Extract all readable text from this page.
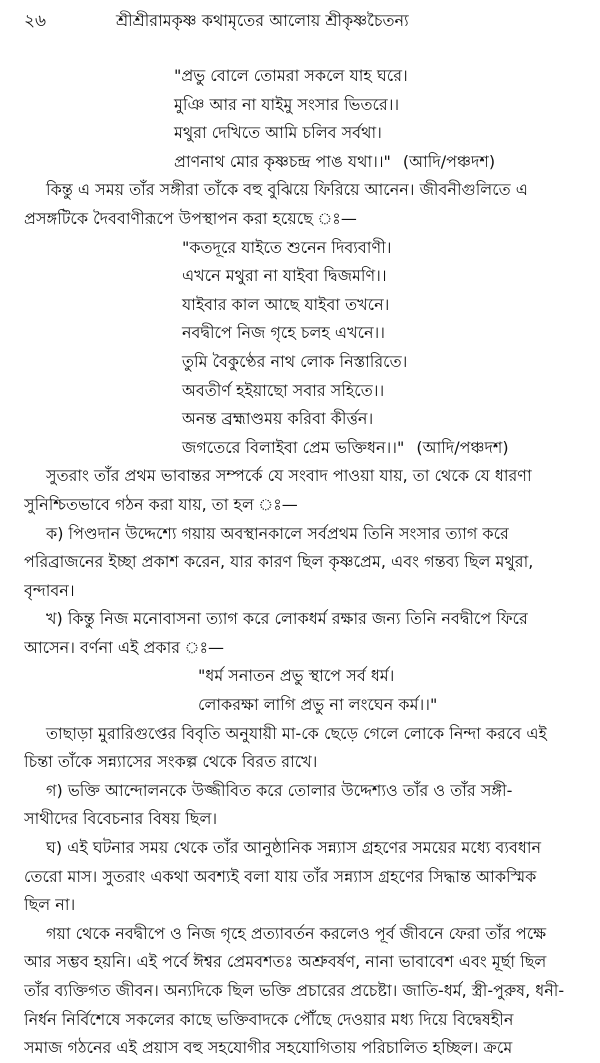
২৬	শ্রীশ্রীরামকৃষ্ণ কথামৃতের আলোয় শ্রীকৃষ্ণচৈতন্য
"প্রভু বোলে তোমরা সকলে যাহ ঘরে।
মুঞি আর না যাইমু সংসার ভিতরে।।
মথুরা দেখিতে আমি চলিব সর্বথা।
প্রাণনাথ মোর কৃষ্ণচন্দ্র পাঙ যথা।।" (আদি/পঞ্চদশ)
কিন্তু এ সময় তাঁর সঙ্গীরা তাঁকে বহু বুঝিয়ে ফিরিয়ে আনেন। জীবনীগুলিতে এ
প্রসঙ্গটিকে দৈববাণীরূপে উপস্থাপন করা হয়েছে ঃ—
"কতদূরে যাইতে শুনেন দিব্যবাণী।
এখনে মথুরা না যাইবা দ্বিজমণি।।
যাইবার কাল আছে যাইবা তখনে।
নবদ্বীপে নিজ গৃহে চলহ এখনে।।
তুমি বৈকুণ্ঠের নাথ লোক নিস্তারিতে।
অবতীর্ণ হইয়াছো সবার সহিতে।।
অনন্ত ব্রহ্মাণ্ডময় করিবা কীর্ত্তন।
জগতেরে বিলাইবা প্রেম ভক্তিধন।।" (আদি/পঞ্চদশ)
সুতরাং তাঁর প্রথম ভাবান্তর সম্পর্কে যে সংবাদ পাওয়া যায়, তা থেকে যে ধারণা
সুনিশ্চিতভাবে গঠন করা যায়, তা হল ঃ—
ক) পিণ্ডদান উদ্দেশ্যে গয়ায় অবস্থানকালে সর্বপ্রথম তিনি সংসার ত্যাগ করে
পরিব্রাজনের ইচ্ছা প্রকাশ করেন, যার কারণ ছিল কৃষ্ণপ্রেম, এবং গন্তব্য ছিল মথুরা,
বৃন্দাবন।
খ) কিন্তু নিজ মনোবাসনা ত্যাগ করে লোকধর্ম রক্ষার জন্য তিনি নবদ্বীপে ফিরে
আসেন। বর্ণনা এই প্রকার ঃ—
"ধর্ম সনাতন প্রভু স্থাপে সর্ব ধর্ম।
লোকরক্ষা লাগি প্রভু না লংঘেন কর্ম।।"
তাছাড়া মুরারিগুপ্তের বিবৃতি অনুযায়ী মা-কে ছেড়ে গেলে লোকে নিন্দা করবে এই
চিন্তা তাঁকে সন্ন্যাসের সংকল্প থেকে বিরত রাখে।
গ) ভক্তি আন্দোলনকে উজ্জীবিত করে তোলার উদ্দেশ্যও তাঁর ও তাঁর সঙ্গী-
সাথীদের বিবেচনার বিষয় ছিল।
ঘ) এই ঘটনার সময় থেকে তাঁর আনুষ্ঠানিক সন্ন্যাস গ্রহণের সময়ের মধ্যে ব্যবধান
তেরো মাস। সুতরাং একথা অবশ্যই বলা যায় তাঁর সন্ন্যাস গ্রহণের সিদ্ধান্ত আকস্মিক
ছিল না।
গয়া থেকে নবদ্বীপে ও নিজ গৃহে প্রত্যাবর্তন করলেও পূর্ব জীবনে ফেরা তাঁর পক্ষে
আর সম্ভব হয়নি। এই পর্বে ঈশ্বর প্রেমবশতঃ অশ্রুবর্ষণ, নানা ভাবাবেশ এবং মূর্ছা ছিল
তাঁর ব্যক্তিগত জীবন। অন্যদিকে ছিল ভক্তি প্রচারের প্রচেষ্টা। জাতি-ধর্ম, স্ত্রী-পুরুষ, ধনী-
নির্ধন নির্বিশেষে সকলের কাছে ভক্তিবাদকে পৌঁছে দেওয়ার মধ্য দিয়ে বিদ্বেষহীন
সমাজ গঠনের এই প্রয়াস বহু সহযোগীর সহযোগিতায় পরিচালিত হচ্ছিল। ক্রমে
